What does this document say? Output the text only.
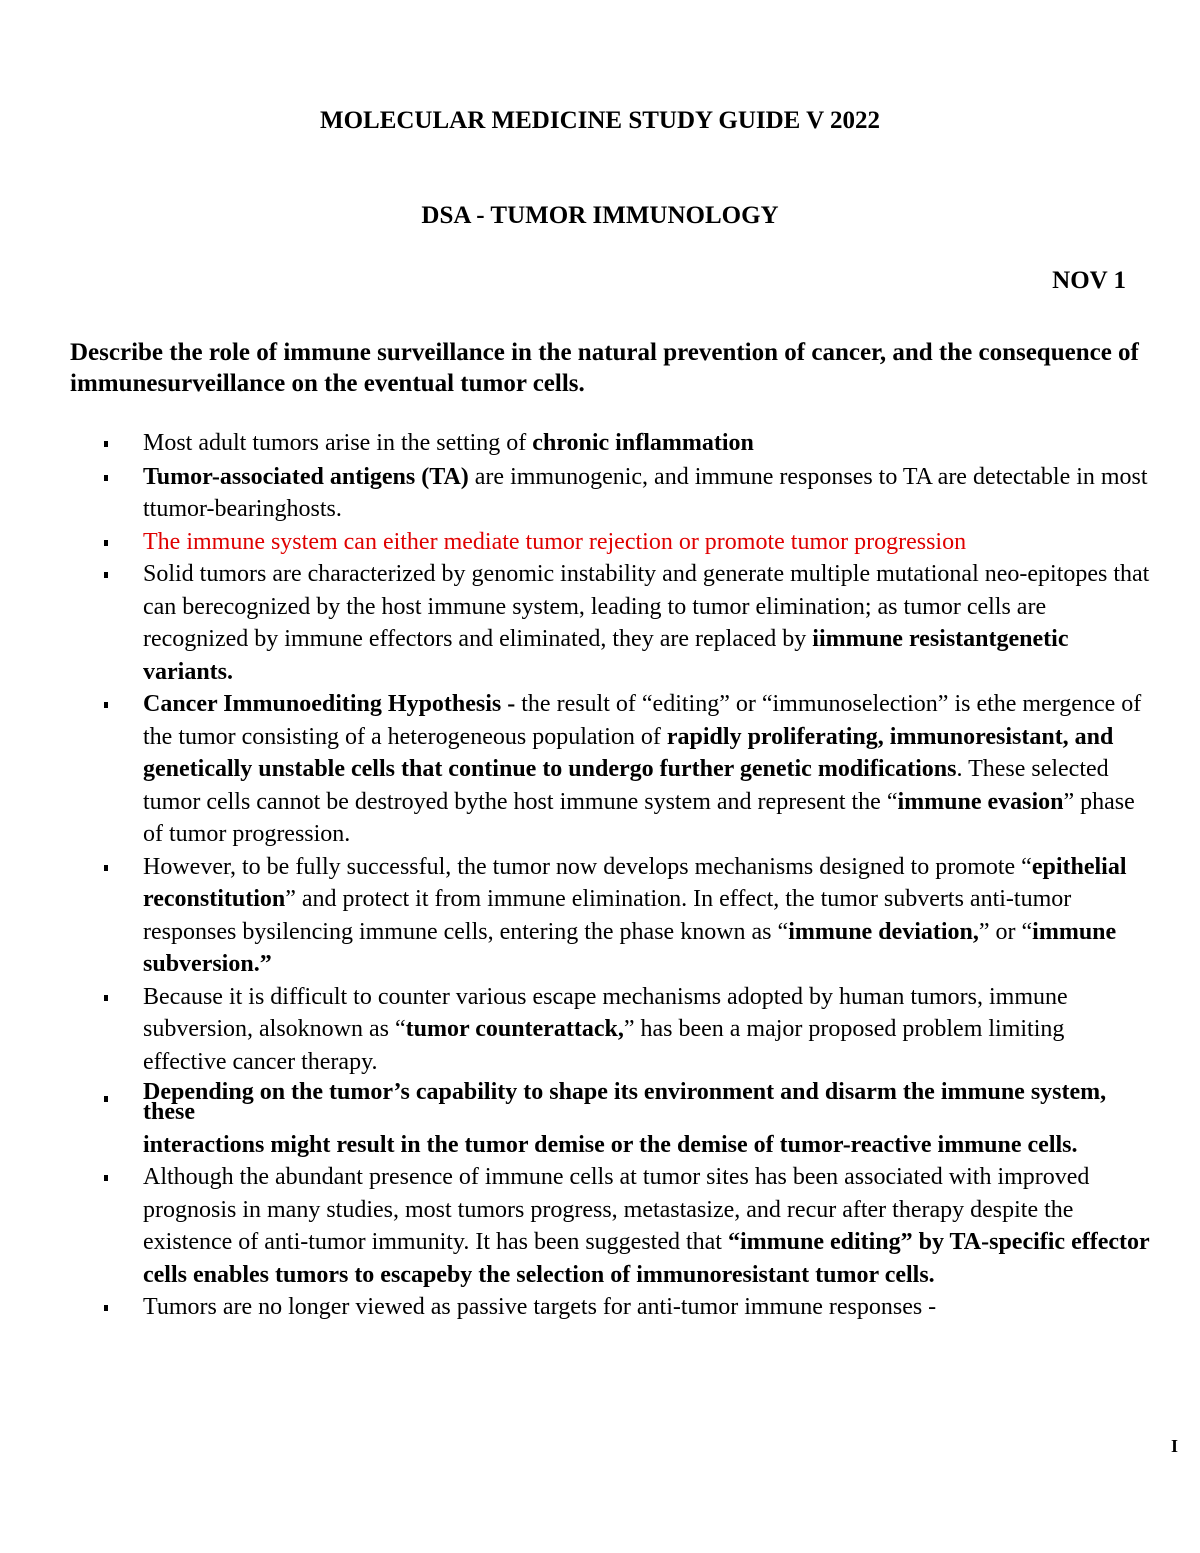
MOLECULAR MEDICINE STUDY GUIDE V 2022
DSA - TUMOR IMMUNOLOGY
NOV 1

Describe the role of immune surveillance in the natural prevention of cancer, and the consequence of immunesurveillance on the eventual tumor cells.

Most adult tumors arise in the setting of chronic inflammation
Tumor-associated antigens (TA) are immunogenic, and immune responses to TA are detectable in most ttumor-bearinghosts.
The immune system can either mediate tumor rejection or promote tumor progression
Solid tumors are characterized by genomic instability and generate multiple mutational neo-epitopes that can berecognized by the host immune system, leading to tumor elimination; as tumor cells are recognized by immune effectors and eliminated, they are replaced by iimmune resistantgenetic variants.
Cancer Immunoediting Hypothesis - the result of “editing” or “immunoselection” is ethe mergence of the tumor consisting of a heterogeneous population of rapidly proliferating, immunoresistant, and genetically unstable cells that continue to undergo further genetic modifications. These selected tumor cells cannot be destroyed bythe host immune system and represent the “immune evasion” phase of tumor progression.
However, to be fully successful, the tumor now develops mechanisms designed to promote “epithelial reconstitution” and protect it from immune elimination. In effect, the tumor subverts anti-tumor responses bysilencing immune cells, entering the phase known as “immune deviation,” or “immune subversion.”
Because it is difficult to counter various escape mechanisms adopted by human tumors, immune subversion, alsoknown as “tumor counterattack,” has been a major proposed problem limiting effective cancer therapy.
Depending on the tumor’s capability to shape its environment and disarm the immune system, these
interactions might result in the tumor demise or the demise of tumor-reactive immune cells.
Although the abundant presence of immune cells at tumor sites has been associated with improved prognosis in many studies, most tumors progress, metastasize, and recur after therapy despite the existence of anti-tumor immunity. It has been suggested that “immune editing” by TA-specific effector cells enables tumors to escapeby the selection of immunoresistant tumor cells.
Tumors are no longer viewed as passive targets for anti-tumor immune responses -
I
